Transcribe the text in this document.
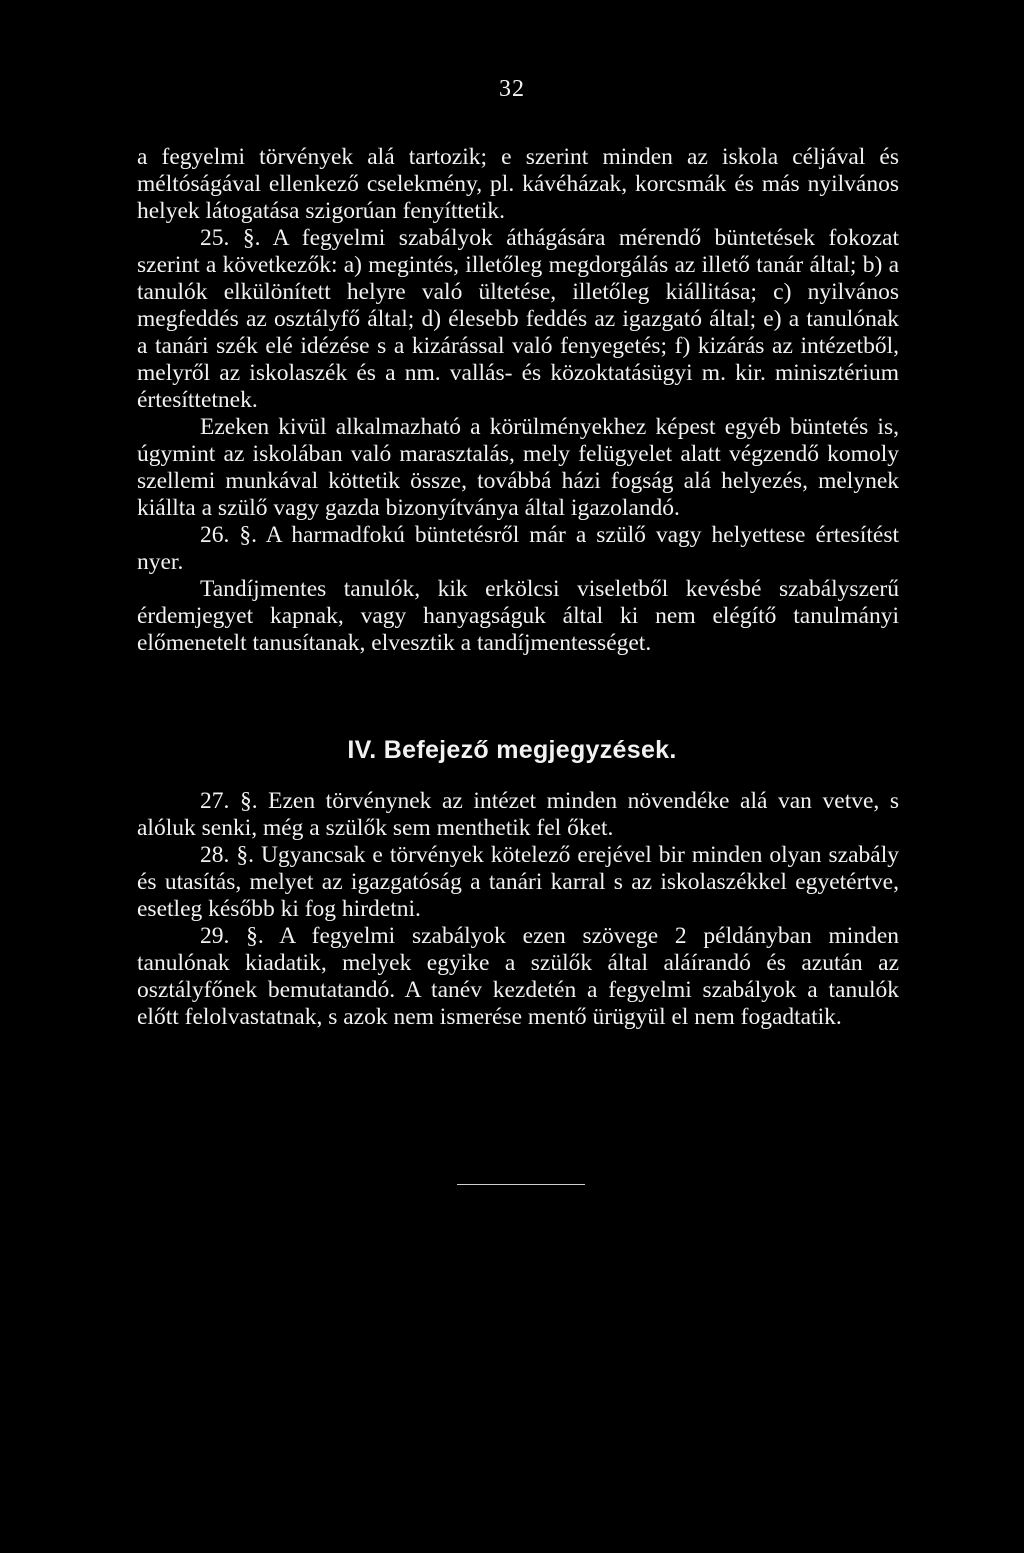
32

a fegyelmi törvények alá tartozik; e szerint minden az iskola céljával és méltóságával ellenkező cselekmény, pl. kávéházak, korcsmák és más nyilvános helyek látogatása szigorúan fenyíttetik.

25. §. A fegyelmi szabályok áthágására mérendő büntetések fokozat szerint a következők: a) megintés, illetőleg megdorgálás az illető tanár által; b) a tanulók elkülönített helyre való ültetése, illetőleg kiállitása; c) nyilvános megfeddés az osztályfő által; d) élesebb feddés az igazgató által; e) a tanulónak a tanári szék elé idézése s a kizárással való fenyegetés; f) kizárás az intézetből, melyről az iskolaszék és a nm. vallás- és közoktatásügyi m. kir. minisztérium értesíttetnek.

Ezeken kivül alkalmazható a körülményekhez képest egyéb büntetés is, úgymint az iskolában való marasztalás, mely felügyelet alatt végzendő komoly szellemi munkával köttetik össze, továbbá házi fogság alá helyezés, melynek kiállta a szülő vagy gazda bizonyítványa által igazolandó.

26. §. A harmadfokú büntetésről már a szülő vagy helyettese értesítést nyer.

Tandíjmentes tanulók, kik erkölcsi viseletből kevésbé szabályszerű érdemjegyet kapnak, vagy hanyagságuk által ki nem elégítő tanulmányi előmenetelt tanusítanak, elvesztik a tandíjmentességet.

IV. Befejező megjegyzések.

27. §. Ezen törvénynek az intézet minden növendéke alá van vetve, s alóluk senki, még a szülők sem menthetik fel őket.

28. §. Ugyancsak e törvények kötelező erejével bir minden olyan szabály és utasítás, melyet az igazgatóság a tanári karral s az iskolaszékkel egyetértve, esetleg később ki fog hirdetni.

29. §. A fegyelmi szabályok ezen szövege 2 példányban minden tanulónak kiadatik, melyek egyike a szülők által aláírandó és azután az osztályfőnek bemutatandó. A tanév kezdetén a fegyelmi szabályok a tanulók előtt felolvastatnak, s azok nem ismerése mentő ürügyül el nem fogadtatik.
